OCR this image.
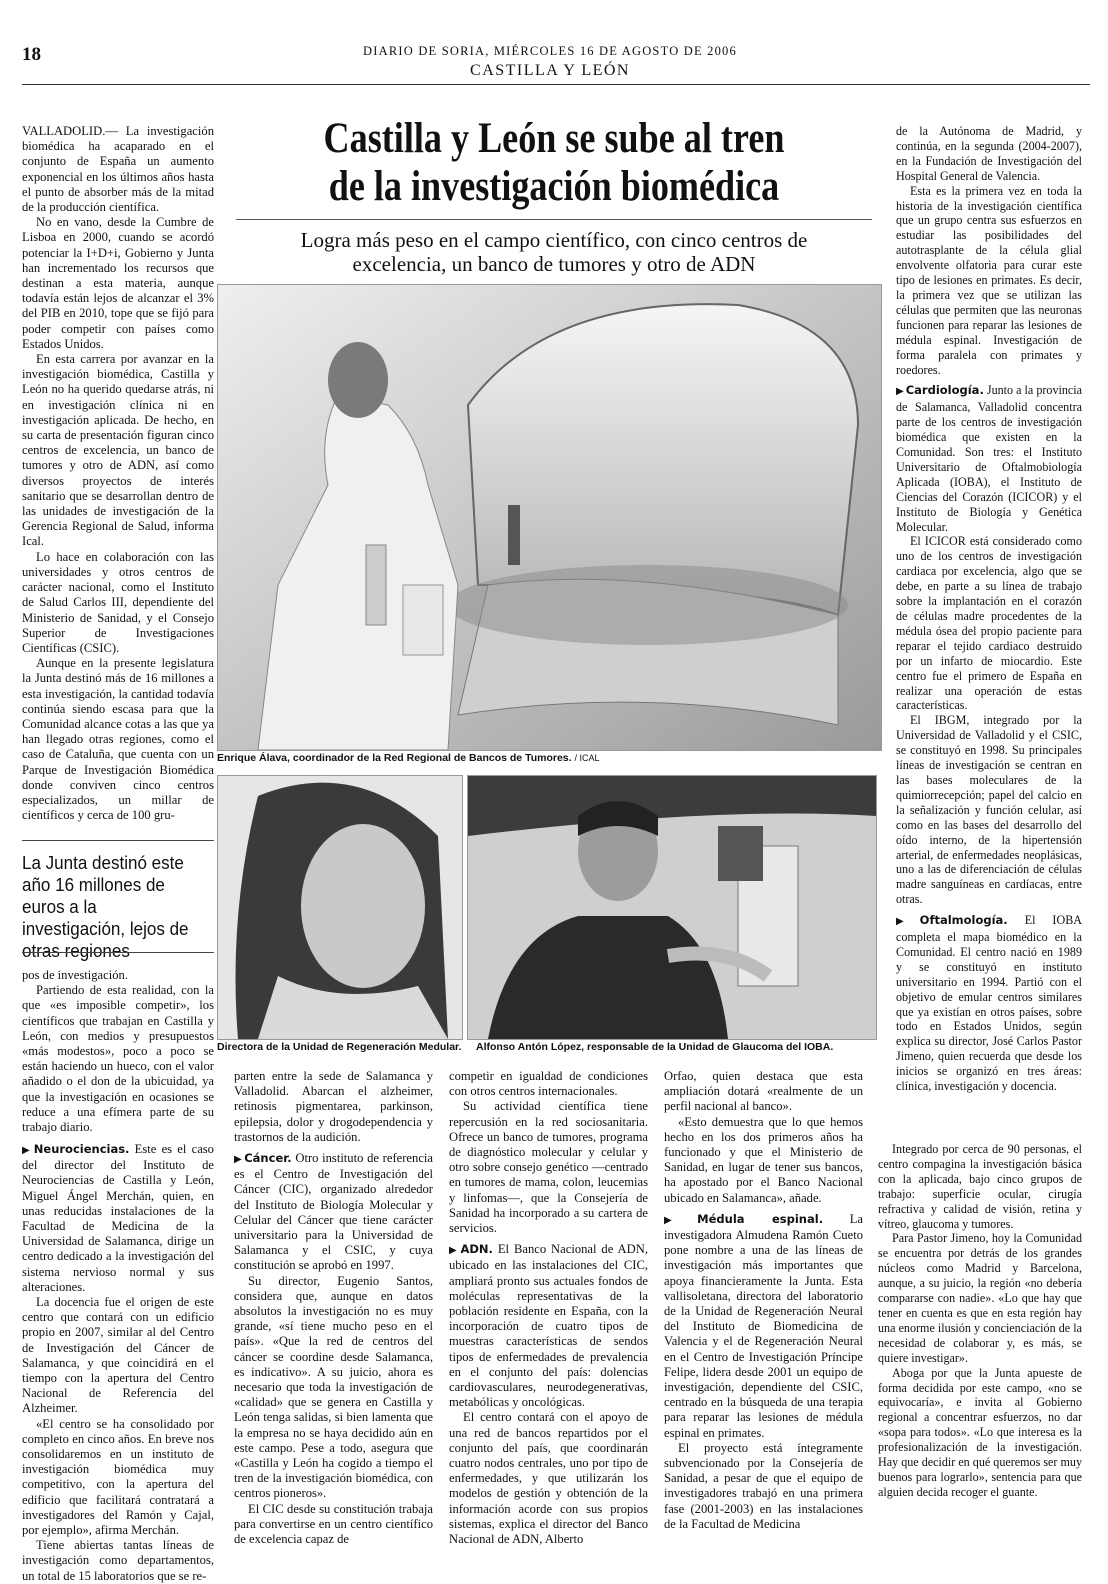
18	DIARIO DE SORIA, MIÉRCOLES 16 DE AGOSTO DE 2006
CASTILLA Y LEÓN
Castilla y León se sube al tren
de la investigación biomédica
Logra más peso en el campo científico, con cinco centros de
excelencia, un banco de tumores y otro de ADN
Enrique Álava, coordinador de la Red Regional de Bancos de Tumores. / ICAL
Directora de la Unidad de Regeneración Medular.	Alfonso Antón López, responsable de la Unidad de Glaucoma del IOBA.

VALLADOLID.— La investigación biomédica ha acaparado en el conjunto de España un aumento exponencial en los últimos años hasta el punto de absorber más de la mitad de la producción científica.

No en vano, desde la Cumbre de Lisboa en 2000, cuando se acordó potenciar la I+D+i, Gobierno y Junta han incrementado los recursos que destinan a esta materia, aunque todavía están lejos de alcanzar el 3% del PIB en 2010, tope que se fijó para poder competir con países como Estados Unidos.

En esta carrera por avanzar en la investigación biomédica, Castilla y León no ha querido quedarse atrás, ni en investigación clínica ni en investigación aplicada. De hecho, en su carta de presentación figuran cinco centros de excelencia, un banco de tumores y otro de ADN, así como diversos proyectos de interés sanitario que se desarrollan dentro de las unidades de investigación de la Gerencia Regional de Salud, informa Ical.

Lo hace en colaboración con las universidades y otros centros de carácter nacional, como el Instituto de Salud Carlos III, dependiente del Ministerio de Sanidad, y el Consejo Superior de Investigaciones Científicas (CSIC).

Aunque en la presente legislatura la Junta destinó más de 16 millones a esta investigación, la cantidad todavía continúa siendo escasa para que la Comunidad alcance cotas a las que ya han llegado otras regiones, como el caso de Cataluña, que cuenta con un Parque de Investigación Biomédica donde conviven cinco centros especializados, un millar de científicos y cerca de 100 gru-

La Junta destinó este año 16 millones de euros a la investigación, lejos de otras regiones

pos de investigación.

Partiendo de esta realidad, con la que «es imposible competir», los científicos que trabajan en Castilla y León, con medios y presupuestos «más modestos», poco a poco se están haciendo un hueco, con el valor añadido o el don de la ubicuidad, ya que la investigación en ocasiones se reduce a una efímera parte de su trabajo diario.

▶ Neurociencias. Este es el caso del director del Instituto de Neurociencias de Castilla y León, Miguel Ángel Merchán, quien, en unas reducidas instalaciones de la Facultad de Medicina de la Universidad de Salamanca, dirige un centro dedicado a la investigación del sistema nervioso normal y sus alteraciones.

La docencia fue el origen de este centro que contará con un edificio propio en 2007, similar al del Centro de Investigación del Cáncer de Salamanca, y que coincidirá en el tiempo con la apertura del Centro Nacional de Referencia del Alzheimer.

«El centro se ha consolidado por completo en cinco años. En breve nos consolidaremos en un instituto de investigación biomédica muy competitivo, con la apertura del edificio que facilitará contratará a investigadores del Ramón y Cajal, por ejemplo», afirma Merchán.

Tiene abiertas tantas líneas de investigación como departamentos, un total de 15 laboratorios que se re-

parten entre la sede de Salamanca y Valladolid. Abarcan el alzheimer, retinosis pigmentarea, parkinson, epilepsia, dolor y drogodependencia y trastornos de la audición.

▶ Cáncer. Otro instituto de referencia es el Centro de Investigación del Cáncer (CIC), organizado alrededor del Instituto de Biología Molecular y Celular del Cáncer que tiene carácter universitario para la Universidad de Salamanca y el CSIC, y cuya constitución se aprobó en 1997.

Su director, Eugenio Santos, considera que, aunque en datos absolutos la investigación no es muy grande, «sí tiene mucho peso en el país». «Que la red de centros del cáncer se coordine desde Salamanca, es indicativo». A su juicio, ahora es necesario que toda la investigación de «calidad» que se genera en Castilla y León tenga salidas, si bien lamenta que la empresa no se haya decidido aún en este campo. Pese a todo, asegura que «Castilla y León ha cogido a tiempo el tren de la investigación biomédica, con centros pioneros».

El CIC desde su constitución trabaja para convertirse en un centro científico de excelencia capaz de

competir en igualdad de condiciones con otros centros internacionales.

Su actividad científica tiene repercusión en la red sociosanitaria. Ofrece un banco de tumores, programa de diagnóstico molecular y celular y otro sobre consejo genético —centrado en tumores de mama, colon, leucemias y linfomas—, que la Consejería de Sanidad ha incorporado a su cartera de servicios.

▶ ADN. El Banco Nacional de ADN, ubicado en las instalaciones del CIC, ampliará pronto sus actuales fondos de moléculas representativas de la población residente en España, con la incorporación de cuatro tipos de muestras características de sendos tipos de enfermedades de prevalencia en el conjunto del país: dolencias cardiovasculares, neurodegenerativas, metabólicas y oncológicas.

El centro contará con el apoyo de una red de bancos repartidos por el conjunto del país, que coordinarán cuatro nodos centrales, uno por tipo de enfermedades, y que utilizarán los modelos de gestión y obtención de la información acorde con sus propios sistemas, explica el director del Banco Nacional de ADN, Alberto

Orfao, quien destaca que esta ampliación dotará «realmente de un perfil nacional al banco».

«Esto demuestra que lo que hemos hecho en los dos primeros años ha funcionado y que el Ministerio de Sanidad, en lugar de tener sus bancos, ha apostado por el Banco Nacional ubicado en Salamanca», añade.

▶ Médula espinal. La investigadora Almudena Ramón Cueto pone nombre a una de las líneas de investigación más importantes que apoya financieramente la Junta. Esta vallisoletana, directora del laboratorio de la Unidad de Regeneración Neural del Instituto de Biomedicina de Valencia y el de Regeneración Neural en el Centro de Investigación Príncipe Felipe, lidera desde 2001 un equipo de investigación, dependiente del CSIC, centrado en la búsqueda de una terapia para reparar las lesiones de médula espinal en primates.

El proyecto está íntegramente subvencionado por la Consejería de Sanidad, a pesar de que el equipo de investigadores trabajó en una primera fase (2001-2003) en las instalaciones de la Facultad de Medicina

de la Autónoma de Madrid, y continúa, en la segunda (2004-2007), en la Fundación de Investigación del Hospital General de Valencia.

Esta es la primera vez en toda la historia de la investigación científica que un grupo centra sus esfuerzos en estudiar las posibilidades del autotrasplante de la célula glial envolvente olfatoria para curar este tipo de lesiones en primates. Es decir, la primera vez que se utilizan las células que permiten que las neuronas funcionen para reparar las lesiones de médula espinal. Investigación de forma paralela con primates y roedores.

▶ Cardiología. Junto a la provincia de Salamanca, Valladolid concentra parte de los centros de investigación biomédica que existen en la Comunidad. Son tres: el Instituto Universitario de Oftalmobiología Aplicada (IOBA), el Instituto de Ciencias del Corazón (ICICOR) y el Instituto de Biología y Genética Molecular.

El ICICOR está considerado como uno de los centros de investigación cardiaca por excelencia, algo que se debe, en parte a su línea de trabajo sobre la implantación en el corazón de células madre procedentes de la médula ósea del propio paciente para reparar el tejido cardiaco destruido por un infarto de miocardio. Este centro fue el primero de España en realizar una operación de estas características.

El IBGM, integrado por la Universidad de Valladolid y el CSIC, se constituyó en 1998. Su principales líneas de investigación se centran en las bases moleculares de la quimiorrecepción; papel del calcio en la señalización y función celular, así como en las bases del desarrollo del oído interno, de la hipertensión arterial, de enfermedades neoplásicas, uno a las de diferenciación de células madre sanguíneas en cardíacas, entre otras.

▶ Oftalmología. El IOBA completa el mapa biomédico en la Comunidad. El centro nació en 1989 y se constituyó en instituto universitario en 1994. Partió con el objetivo de emular centros similares que ya existían en otros países, sobre todo en Estados Unidos, según explica su director, José Carlos Pastor Jimeno, quien recuerda que desde los inicios se organizó en tres áreas: clínica, investigación y docencia.

Integrado por cerca de 90 personas, el centro compagina la investigación básica con la aplicada, bajo cinco grupos de trabajo: superficie ocular, cirugía refractiva y calidad de visión, retina y vítreo, glaucoma y tumores.

Para Pastor Jimeno, hoy la Comunidad se encuentra por detrás de los grandes núcleos como Madrid y Barcelona, aunque, a su juicio, la región «no debería compararse con nadie». «Lo que hay que tener en cuenta es que en esta región hay una enorme ilusión y concienciación de la necesidad de colaborar y, es más, se quiere investigar».

Aboga por que la Junta apueste de forma decidida por este campo, «no se equivocaría», e invita al Gobierno regional a concentrar esfuerzos, no dar «sopa para todos». «Lo que interesa es la profesionalización de la investigación. Hay que decidir en qué queremos ser muy buenos para lograrlo», sentencia para que alguien decida recoger el guante.
